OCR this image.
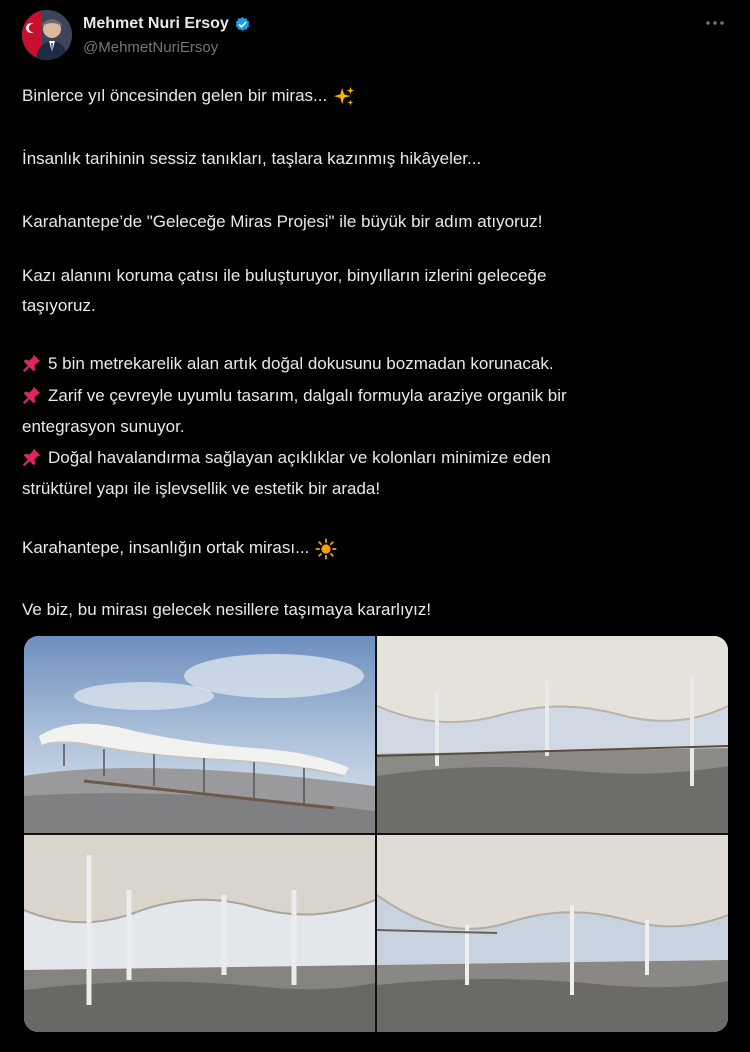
Mehmet Nuri Ersoy
@MehmetNuriErsoy

Binlerce yıl öncesinden gelen bir miras...

İnsanlık tarihinin sessiz tanıkları, taşlara kazınmış hikâyeler...

Karahantepe’de "Geleceğe Miras Projesi" ile büyük bir adım atıyoruz!

Kazı alanını koruma çatısı ile buluşturuyor, binyılların izlerini geleceğe

taşıyoruz.

5 bin metrekarelik alan artık doğal dokusunu bozmadan korunacak.

Zarif ve çevreyle uyumlu tasarım, dalgalı formuyla araziye organik bir

entegrasyon sunuyor.

Doğal havalandırma sağlayan açıklıklar ve kolonları minimize eden

strüktürel yapı ile işlevsellik ve estetik bir arada!

Karahantepe, insanlığın ortak mirası...

Ve biz, bu mirası gelecek nesillere taşımaya kararlıyız!
